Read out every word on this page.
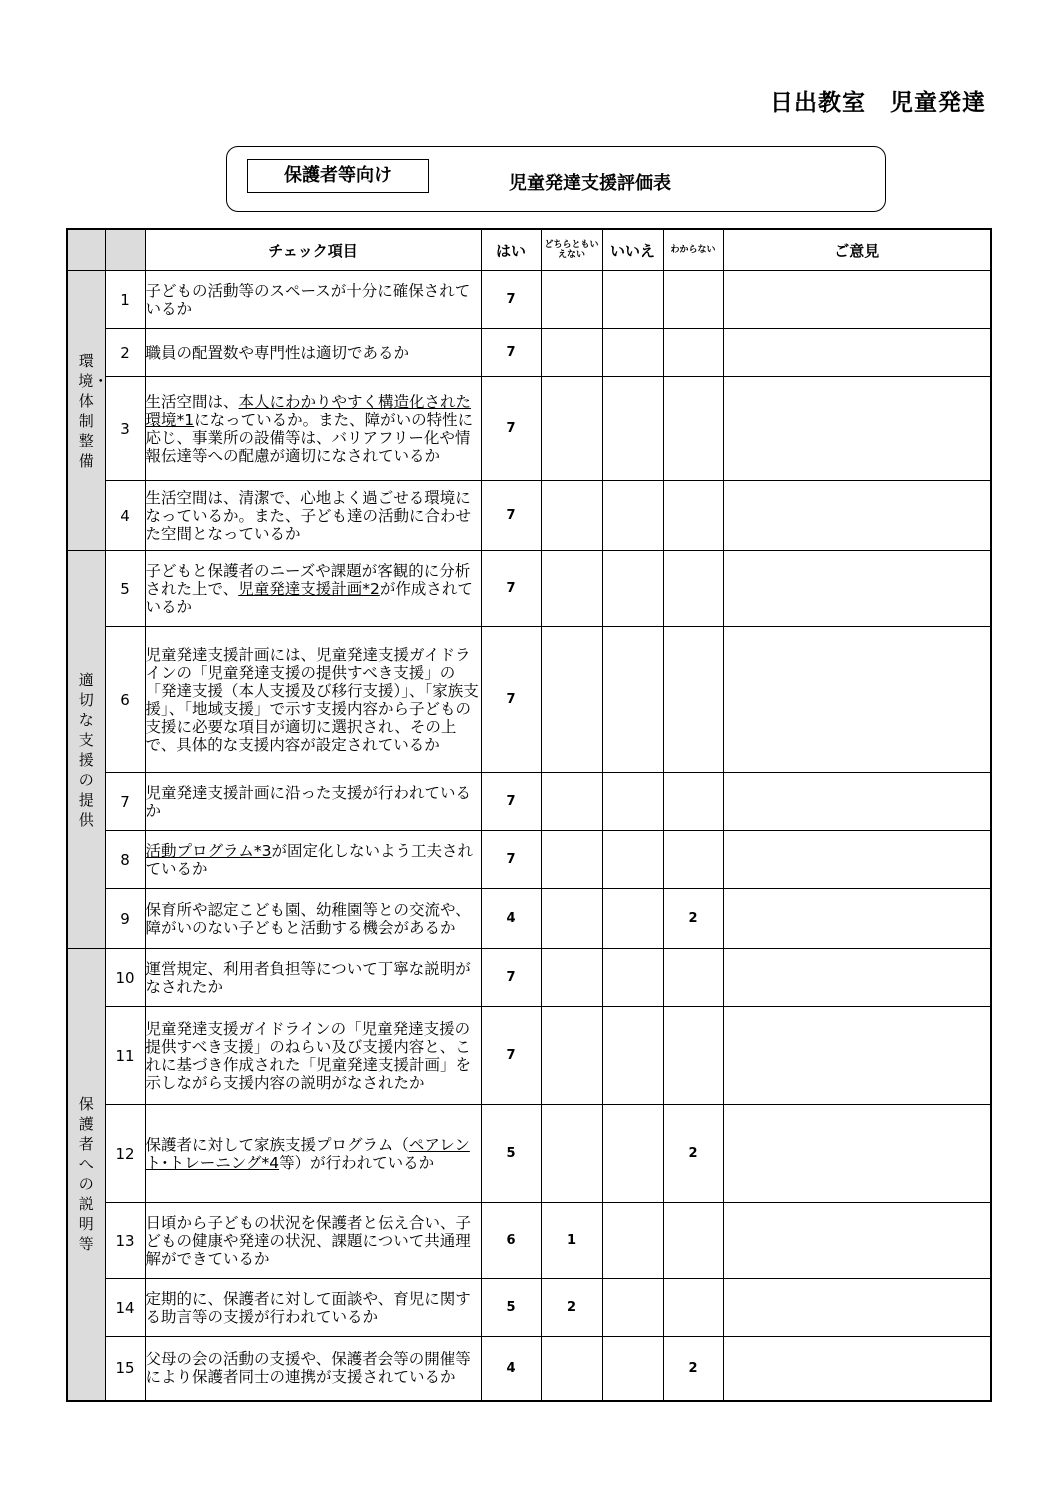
日出教室　児童発達
保護者等向け	児童発達支援評価表
		チェック項目	はい	どちらともいえない	いいえ	わからない	ご意見

環境・体制整備	1	子どもの活動等のスペースが十分に確保されているか	7				
	2	職員の配置数や専門性は適切であるか	7				
	3	生活空間は、本人にわかりやすく構造化された環境*1になっているか。また、障がいの特性に応じ、事業所の設備等は、バリアフリー化や情報伝達等への配慮が適切になされているか	7				
	4	生活空間は、清潔で、心地よく過ごせる環境になっているか。また、子ども達の活動に合わせた空間となっているか	7				

適切な支援の提供	5	子どもと保護者のニーズや課題が客観的に分析された上で、児童発達支援計画*2が作成されているか	7				
	6	児童発達支援計画には、児童発達支援ガイドラインの「児童発達支援の提供すべき支援」の「発達支援（本人支援及び移行支援）」、「家族支援」、「地域支援」で示す支援内容から子どもの支援に必要な項目が適切に選択され、その上で、具体的な支援内容が設定されているか	7				
	7	児童発達支援計画に沿った支援が行われているか	7				
	8	活動プログラム*3が固定化しないよう工夫されているか	7				
	9	保育所や認定こども園、幼稚園等との交流や、障がいのない子どもと活動する機会があるか	4			2	

保護者への説明等	10	運営規定、利用者負担等について丁寧な説明がなされたか	7				
	11	児童発達支援ガイドラインの「児童発達支援の提供すべき支援」のねらい及び支援内容と、これに基づき作成された「児童発達支援計画」を示しながら支援内容の説明がなされたか	7				
	12	保護者に対して家族支援プログラム（ペアレント･トレーニング*4等）が行われているか	5			2	
	13	日頃から子どもの状況を保護者と伝え合い、子どもの健康や発達の状況、課題について共通理解ができているか	6	1			
	14	定期的に、保護者に対して面談や、育児に関する助言等の支援が行われているか	5	2			
	15	父母の会の活動の支援や、保護者会等の開催等により保護者同士の連携が支援されているか	4			2	
